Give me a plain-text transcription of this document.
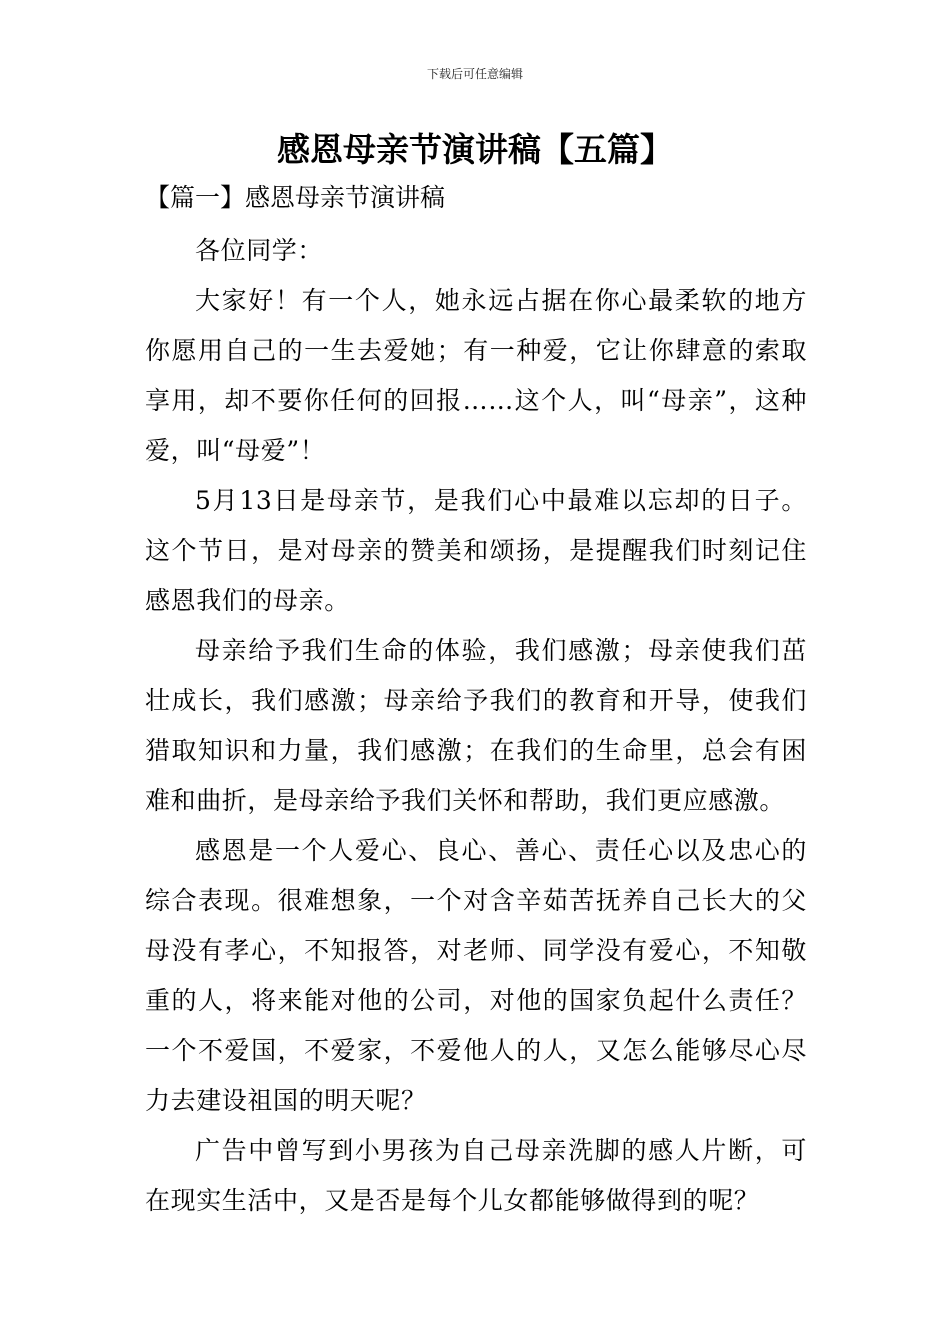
下载后可任意编辑
感恩母亲节演讲稿【五篇】
【篇一】感恩母亲节演讲稿

各位同学：

大家好！有一个人，她永远占据在你心最柔软的地方你愿用自己的一生去爱她；有一种爱，它让你肆意的索取享用，却不要你任何的回报……这个人，叫“母亲”，这种爱，叫“母爱”！

5月13日是母亲节，是我们心中最难以忘却的日子。这个节日，是对母亲的赞美和颂扬，是提醒我们时刻记住感恩我们的母亲。

母亲给予我们生命的体验，我们感激；母亲使我们茁壮成长，我们感激；母亲给予我们的教育和开导，使我们猎取知识和力量，我们感激；在我们的生命里，总会有困难和曲折，是母亲给予我们关怀和帮助，我们更应感激。

感恩是一个人爱心、良心、善心、责任心以及忠心的综合表现。很难想象，一个对含辛茹苦抚养自己长大的父母没有孝心，不知报答，对老师、同学没有爱心，不知敬重的人，将来能对他的公司，对他的国家负起什么责任？一个不爱国，不爱家，不爱他人的人，又怎么能够尽心尽力去建设祖国的明天呢？

广告中曾写到小男孩为自己母亲洗脚的感人片断，可在现实生活中，又是否是每个儿女都能够做得到的呢？
